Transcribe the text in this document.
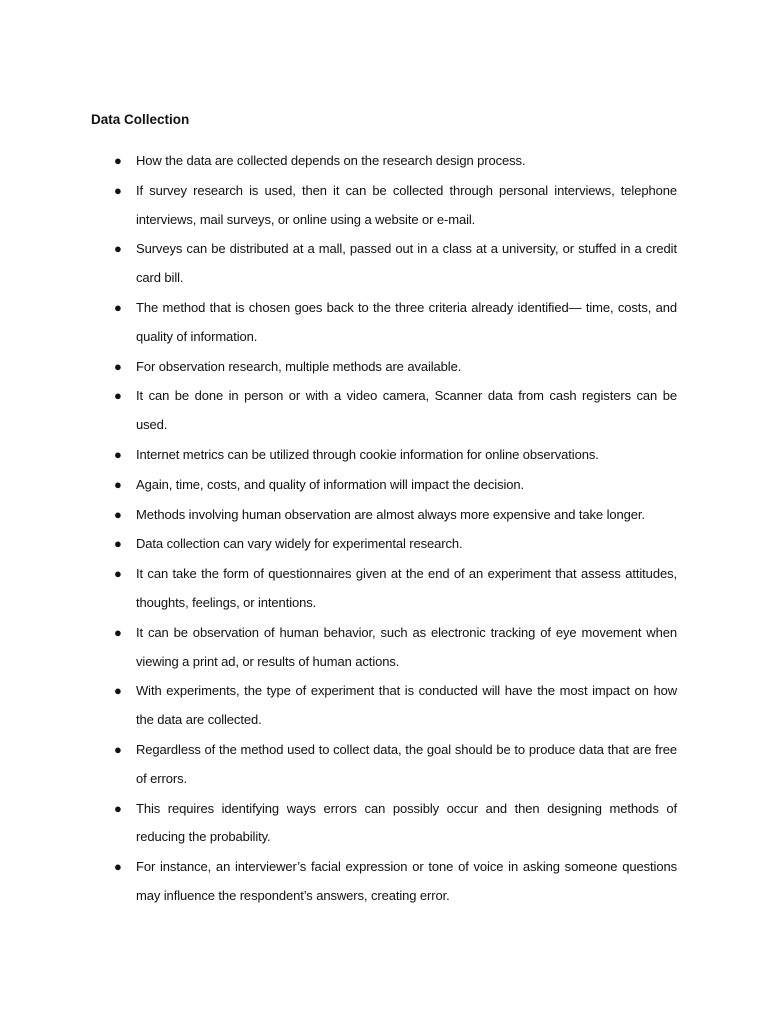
Data Collection
● How the data are collected depends on the research design process.
● If survey research is used, then it can be collected through personal interviews, telephone interviews, mail surveys, or online using a website or e-mail.
● Surveys can be distributed at a mall, passed out in a class at a university, or stuffed in a credit card bill.
● The method that is chosen goes back to the three criteria already identified— time, costs, and quality of information.
● For observation research, multiple methods are available.
● It can be done in person or with a video camera, Scanner data from cash registers can be used.
● Internet metrics can be utilized through cookie information for online observations.
● Again, time, costs, and quality of information will impact the decision.
● Methods involving human observation are almost always more expensive and take longer.
● Data collection can vary widely for experimental research.
● It can take the form of questionnaires given at the end of an experiment that assess attitudes, thoughts, feelings, or intentions.
● It can be observation of human behavior, such as electronic tracking of eye movement when viewing a print ad, or results of human actions.
● With experiments, the type of experiment that is conducted will have the most impact on how the data are collected.
● Regardless of the method used to collect data, the goal should be to produce data that are free of errors.
● This requires identifying ways errors can possibly occur and then designing methods of reducing the probability.
● For instance, an interviewer’s facial expression or tone of voice in asking someone questions may influence the respondent’s answers, creating error.
